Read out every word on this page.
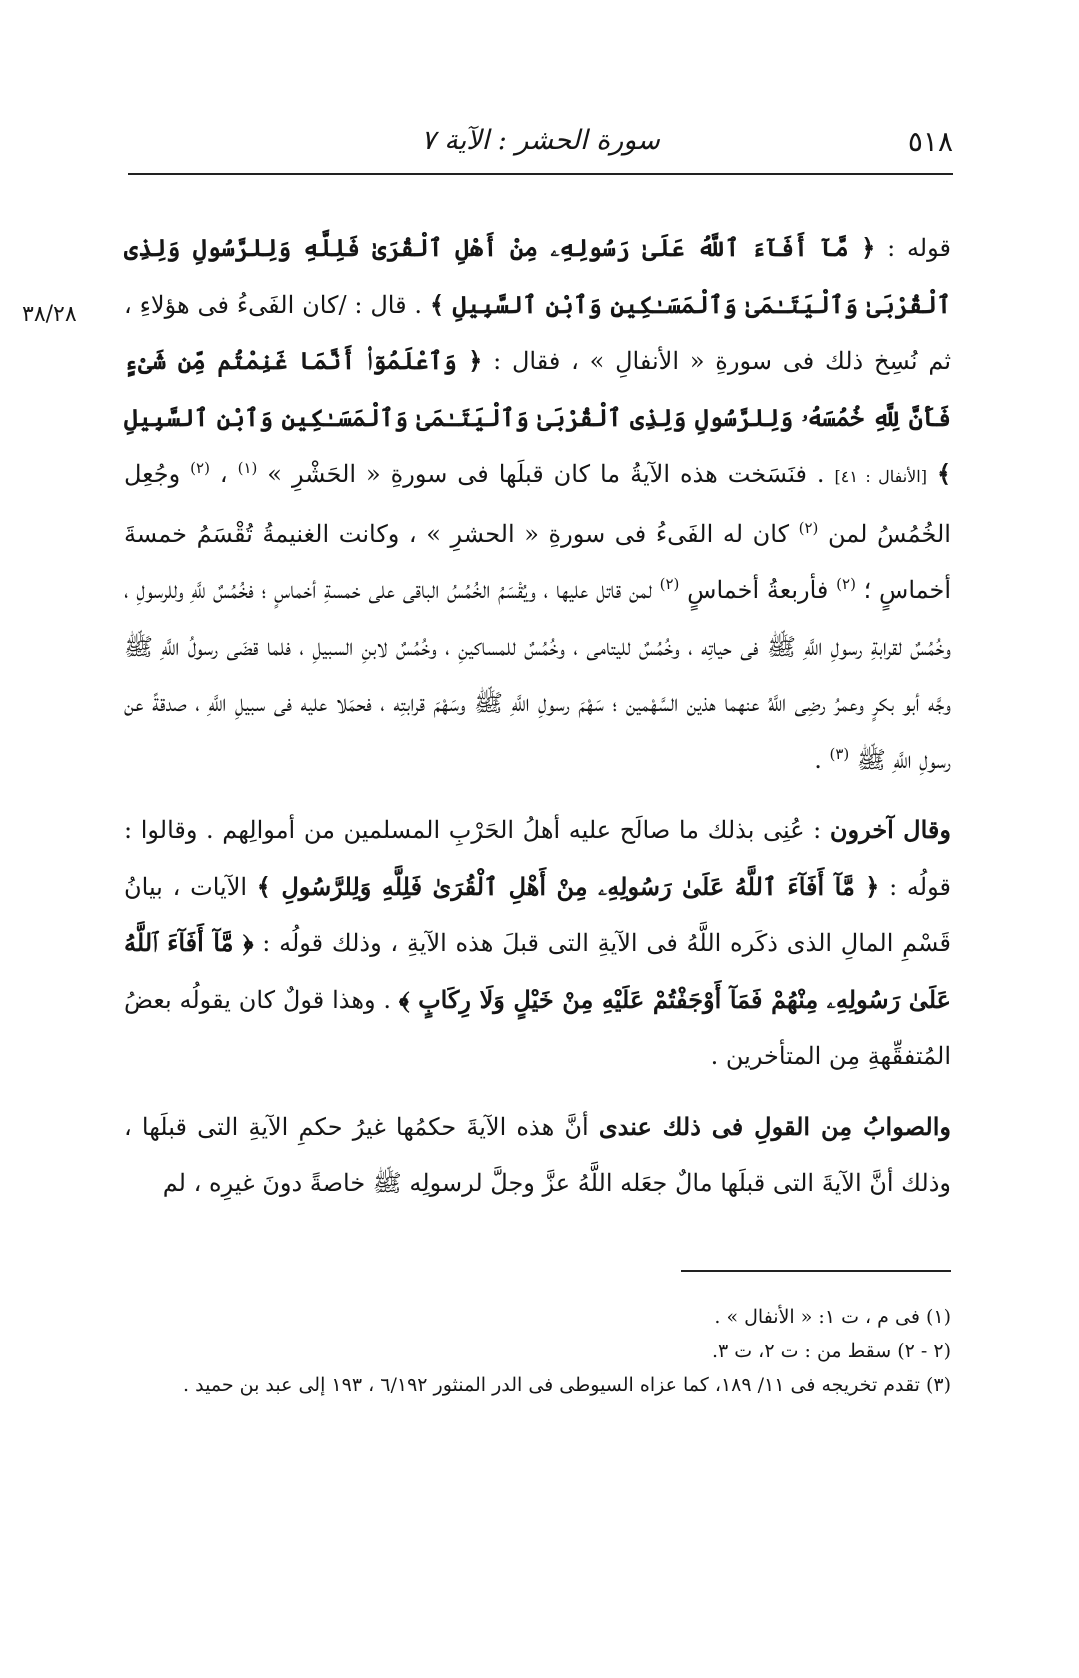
٥١٨
سورة الحشر : الآية ٧
٣٨/٢٨

قوله : ﴿ مَّآ أَفَآءَ ٱللَّهُ عَلَىٰ رَسُولِهِۦ مِنْ أَهْلِ ٱلْقُرَىٰ فَلِلَّهِ وَلِلرَّسُولِ وَلِذِى ٱلْقُرْبَىٰ وَٱلْيَتَـٰمَىٰ وَٱلْمَسَـٰكِينِ وَٱبْنِ ٱلسَّبِيلِ ﴾ . قال : /كان الفَىءُ فى هؤلاءِ ، ثم نُسِخ ذلك فى سورةِ « الأنفالِ » ، فقال : ﴿ وَٱعْلَمُوٓا۟ أَنَّمَا غَنِمْتُم مِّن شَىْءٍ فَأَنَّ لِلَّهِ خُمُسَهُۥ وَلِلرَّسُولِ وَلِذِى ٱلْقُرْبَىٰ وَٱلْيَتَـٰمَىٰ وَٱلْمَسَـٰكِينِ وَٱبْنِ ٱلسَّبِيلِ ﴾ [الأنفال : ٤١] . فنَسَخت هذه الآيةُ ما كان قبلَها فى سورةِ « الحَشْرِ » $^{(١)}$ ، $^{(٢)}$ وجُعِل الخُمُسُ لمن $^{(٢)}$ كان له الفَىءُ فى سورةِ « الحشرِ » ، وكانت الغنيمةُ تُقْسَمُ خمسةَ أخماسٍ ؛ $^{(٢)}$ فأربعةُ أخماسٍ $^{(٢)}$ لمن قاتل عليها ، ويُقْسَمُ الخُمُسُ الباقى على خمسةِ أخماسٍ ؛ فخُمُسٌ للَّهِ وللرسولِ ، وخُمُسٌ لقرابةِ رسولِ اللَّهِ ﷺ فى حياتِه ، وخُمُسٌ لليتامى ، وخُمُسٌ للمساكينِ ، وخُمُسٌ لابنِ السبيلِ ، فلما قضَى رسولُ اللَّهِ ﷺ وجَّه أبو بكرٍ وعمرُ رضِى اللَّهُ عنهما هذين السَّهْمين ؛ سَهْمَ رسولِ اللَّهِ ﷺ وسَهْمَ قرابتِه ، فحمَلا عليه فى سبيلِ اللَّهِ ، صدقةً عن رسولِ اللَّهِ ﷺ $^{(٣)}$ .

وقال آخرون : عُنِى بذلك ما صالَح عليه أهلُ الحَرْبِ المسلمين من أموالِهم . وقالوا : قولُه : ﴿ مَّآ أَفَآءَ ٱللَّهُ عَلَىٰ رَسُولِهِۦ مِنْ أَهْلِ ٱلْقُرَىٰ فَلِلَّهِ وَلِلرَّسُولِ ﴾ الآيات ، بيانُ قَسْمِ المالِ الذى ذكَره اللَّهُ فى الآيةِ التى قبلَ هذه الآيةِ ، وذلك قولُه : ﴿ مَّآ أَفَآءَ ٱللَّهُ عَلَىٰ رَسُولِهِۦ مِنْهُمْ فَمَآ أَوْجَفْتُمْ عَلَيْهِ مِنْ خَيْلٍ وَلَا رِكَابٍ ﴾ . وهذا قولٌ كان يقولُه بعضُ المُتفقِّهةِ مِن المتأخرين .

والصوابُ مِن القولِ فى ذلك عندى أنَّ هذه الآيةَ حكمُها غيرُ حكمِ الآيةِ التى قبلَها ، وذلك أنَّ الآيةَ التى قبلَها مالٌ جعَله اللَّهُ عزَّ وجلَّ لرسولِه ﷺ خاصةً دونَ غيرِه ، لم

(١) فى م ، ت ١: « الأنفال » .

(٢ - ٢) سقط من : ت ٢، ت ٣.

(٣) تقدم تخريجه فى ١١/ ١٨٩، كما عزاه السيوطى فى الدر المنثور ٦/١٩٢ ، ١٩٣ إلى عبد بن حميد .
